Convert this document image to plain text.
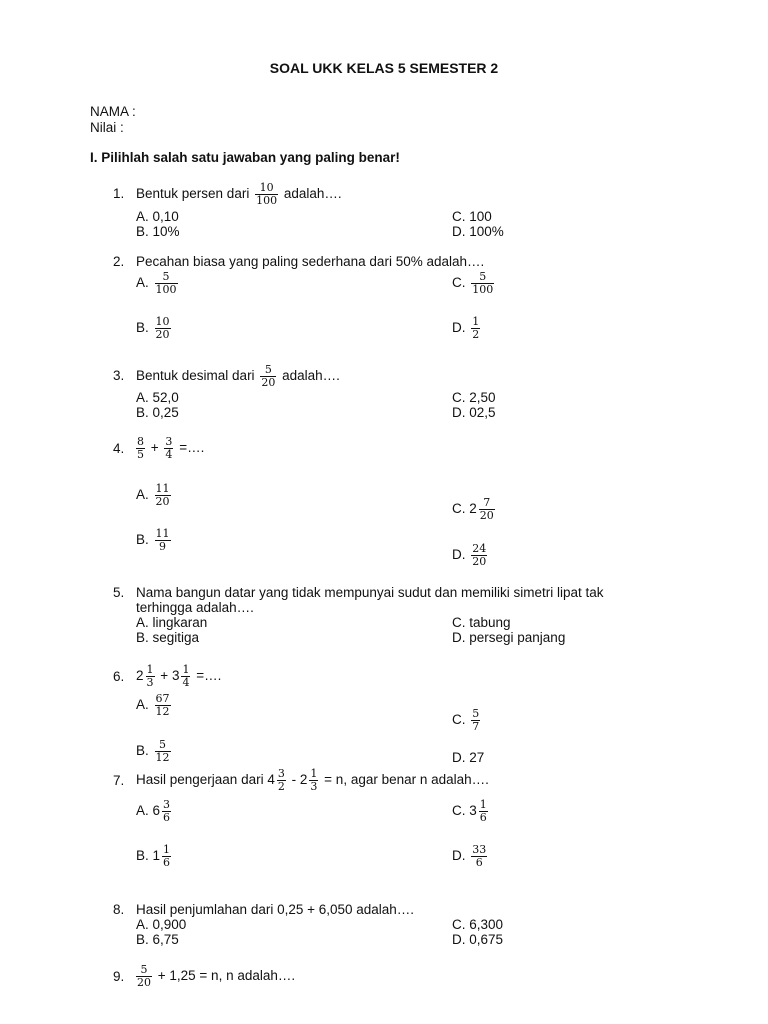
SOAL UKK KELAS 5 SEMESTER 2
NAMA :
Nilai :
I. Pilihlah salah satu jawaban yang paling benar!
1. Bentuk persen dari $\frac{10}{100}$ adalah….
A. 0,10
B. 10%
C. 100
D. 100%
2. Pecahan biasa yang paling sederhana dari 50% adalah….
A. $\frac{5}{100}$
B. $\frac{10}{20}$
C. $\frac{5}{100}$
D. $\frac{1}{2}$
3. Bentuk desimal dari $\frac{5}{20}$ adalah….
A. 52,0
B. 0,25
C. 2,50
D. 02,5
4. $\frac{8}{5} + \frac{3}{4}$ =….
A. $\frac{11}{20}$
B. $\frac{11}{9}$
C. $2 \frac{7}{20}$
D. $\frac{24}{20}$
5. Nama bangun datar yang tidak mempunyai sudut dan memiliki simetri lipat tak
terhingga adalah….
A. lingkaran
B. segitiga
C. tabung
D. persegi panjang
6. $2 \frac{1}{3} + 3 \frac{1}{4}$ =….
A. $\frac{67}{12}$
B. $\frac{5}{12}$
C. $\frac{5}{7}$
D. 27
7. Hasil pengerjaan dari $4 \frac{3}{2} - 2 \frac{1}{3} = n$, agar benar n adalah….
A. $6 \frac{3}{6}$
B. $1 \frac{1}{6}$
C. $3 \frac{1}{6}$
D. $\frac{33}{6}$
8. Hasil penjumlahan dari 0,25 + 6,050 adalah….
A. 0,900
B. 6,75
C. 6,300
D. 0,675
9. $\frac{5}{20} + 1,25 = n$, n adalah….
